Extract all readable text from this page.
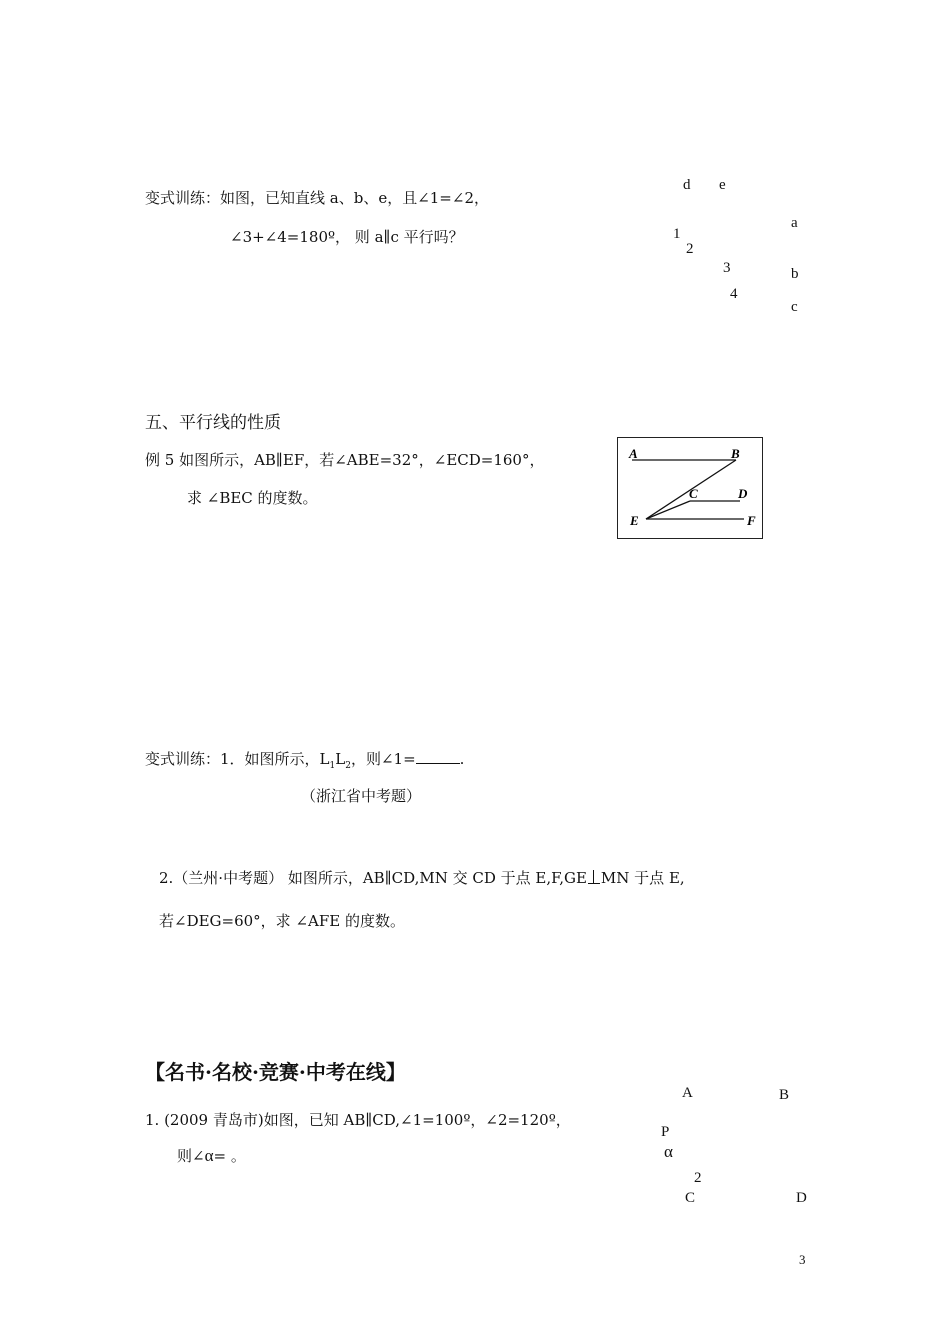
变式训练：如图，已知直线 a、b、e，且∠1=∠2，
∠3+∠4=180º， 则 a∥c 平行吗？
d e
a
1
2
3	b
4
c
五、平行线的性质
例 5 如图所示，AB∥EF，若∠ABE=32°，∠ECD=160°，
求 ∠BEC 的度数。
A	B
C	D
E	F
变式训练：1．如图所示，$L_1L_2$，则∠1=	.
（浙江省中考题）
2.（兰州·中考题） 如图所示，AB∥CD,MN 交 CD 于点 E,F,GE MN 于点 E,
若∠DEG=60°，求 ∠AFE 的度数。
【名书·名校·竞赛·中考在线】
1. (2009 青岛市)如图，已知 AB∥CD,∠1=100º，∠2=120º，
则∠α= 。
A	B
P
α
2
C	D
3
